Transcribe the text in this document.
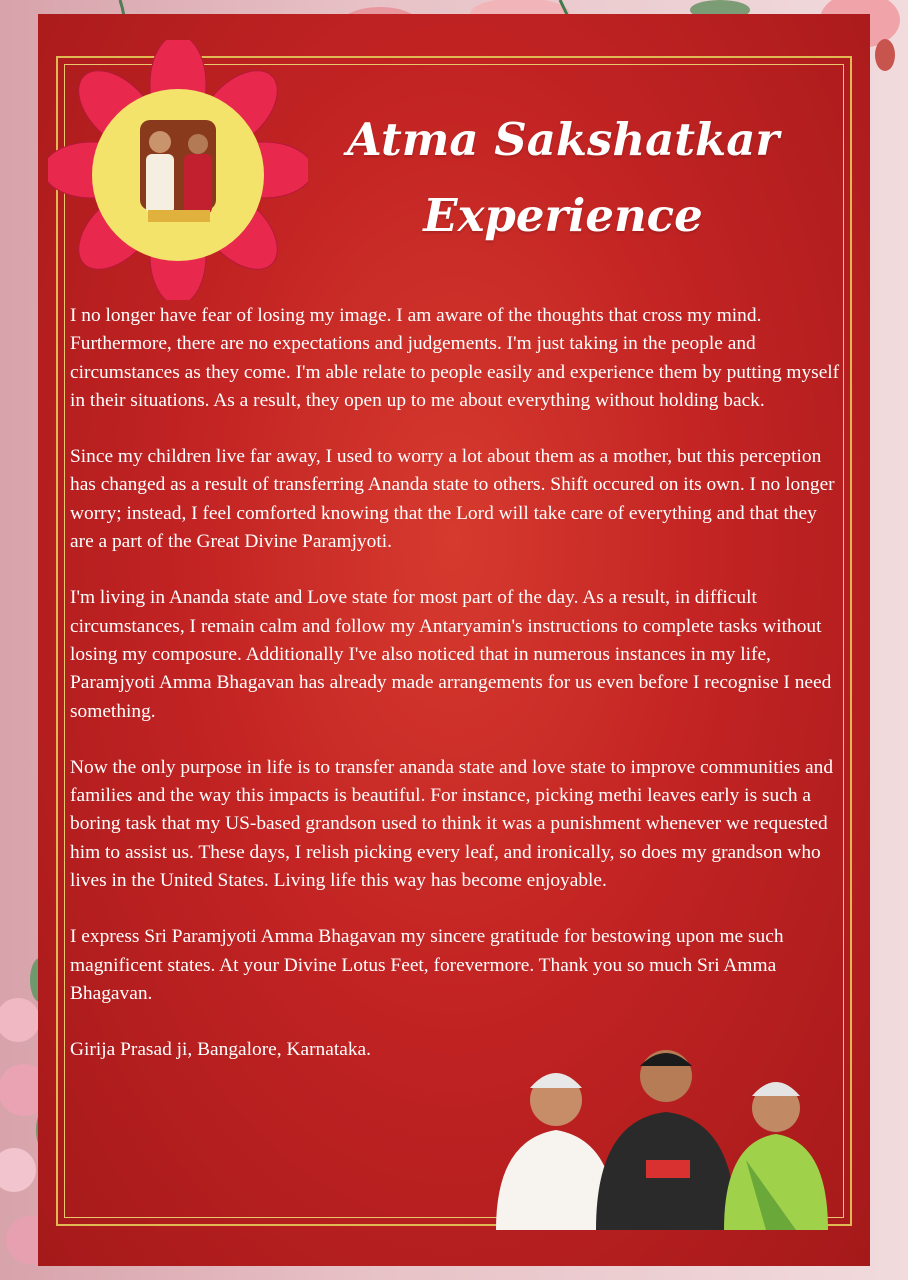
Atma Sakshatkar
Experience

I no longer have fear of losing my image. I am aware of the thoughts that cross my mind. Furthermore, there are no expectations and judgements. I'm just taking in the people and circumstances as they come. I'm able relate to people easily and experience them by putting myself in their situations. As a result, they open up to me about everything without holding back.

Since my children live far away, I used to worry a lot about them as a mother, but this perception has changed as a result of transferring Ananda state to others. Shift occured on its own. I no longer worry; instead, I feel comforted knowing that the Lord will take care of everything and that they are a part of the Great Divine Paramjyoti.

I'm living in Ananda state and Love state for most part of the day. As a result, in difficult circumstances, I remain calm and follow my Antaryamin's instructions to complete tasks without losing my composure. Additionally I've also noticed that in numerous instances in my life, Paramjyoti Amma Bhagavan has already made arrangements for us even before I recognise I need something.

Now the only purpose in life is to transfer ananda state and love state to improve communities and families and the way this impacts is beautiful. For instance, picking methi leaves early is such a boring task that my US-based grandson used to think it was a punishment whenever we requested him to assist us. These days, I relish picking every leaf, and ironically, so does my grandson who lives in the United States. Living life this way has become enjoyable.

I express Sri Paramjyoti Amma Bhagavan my sincere gratitude for bestowing upon me such magnificent states. At your Divine Lotus Feet, forevermore. Thank you so much Sri Amma Bhagavan.

Girija Prasad ji, Bangalore, Karnataka.
